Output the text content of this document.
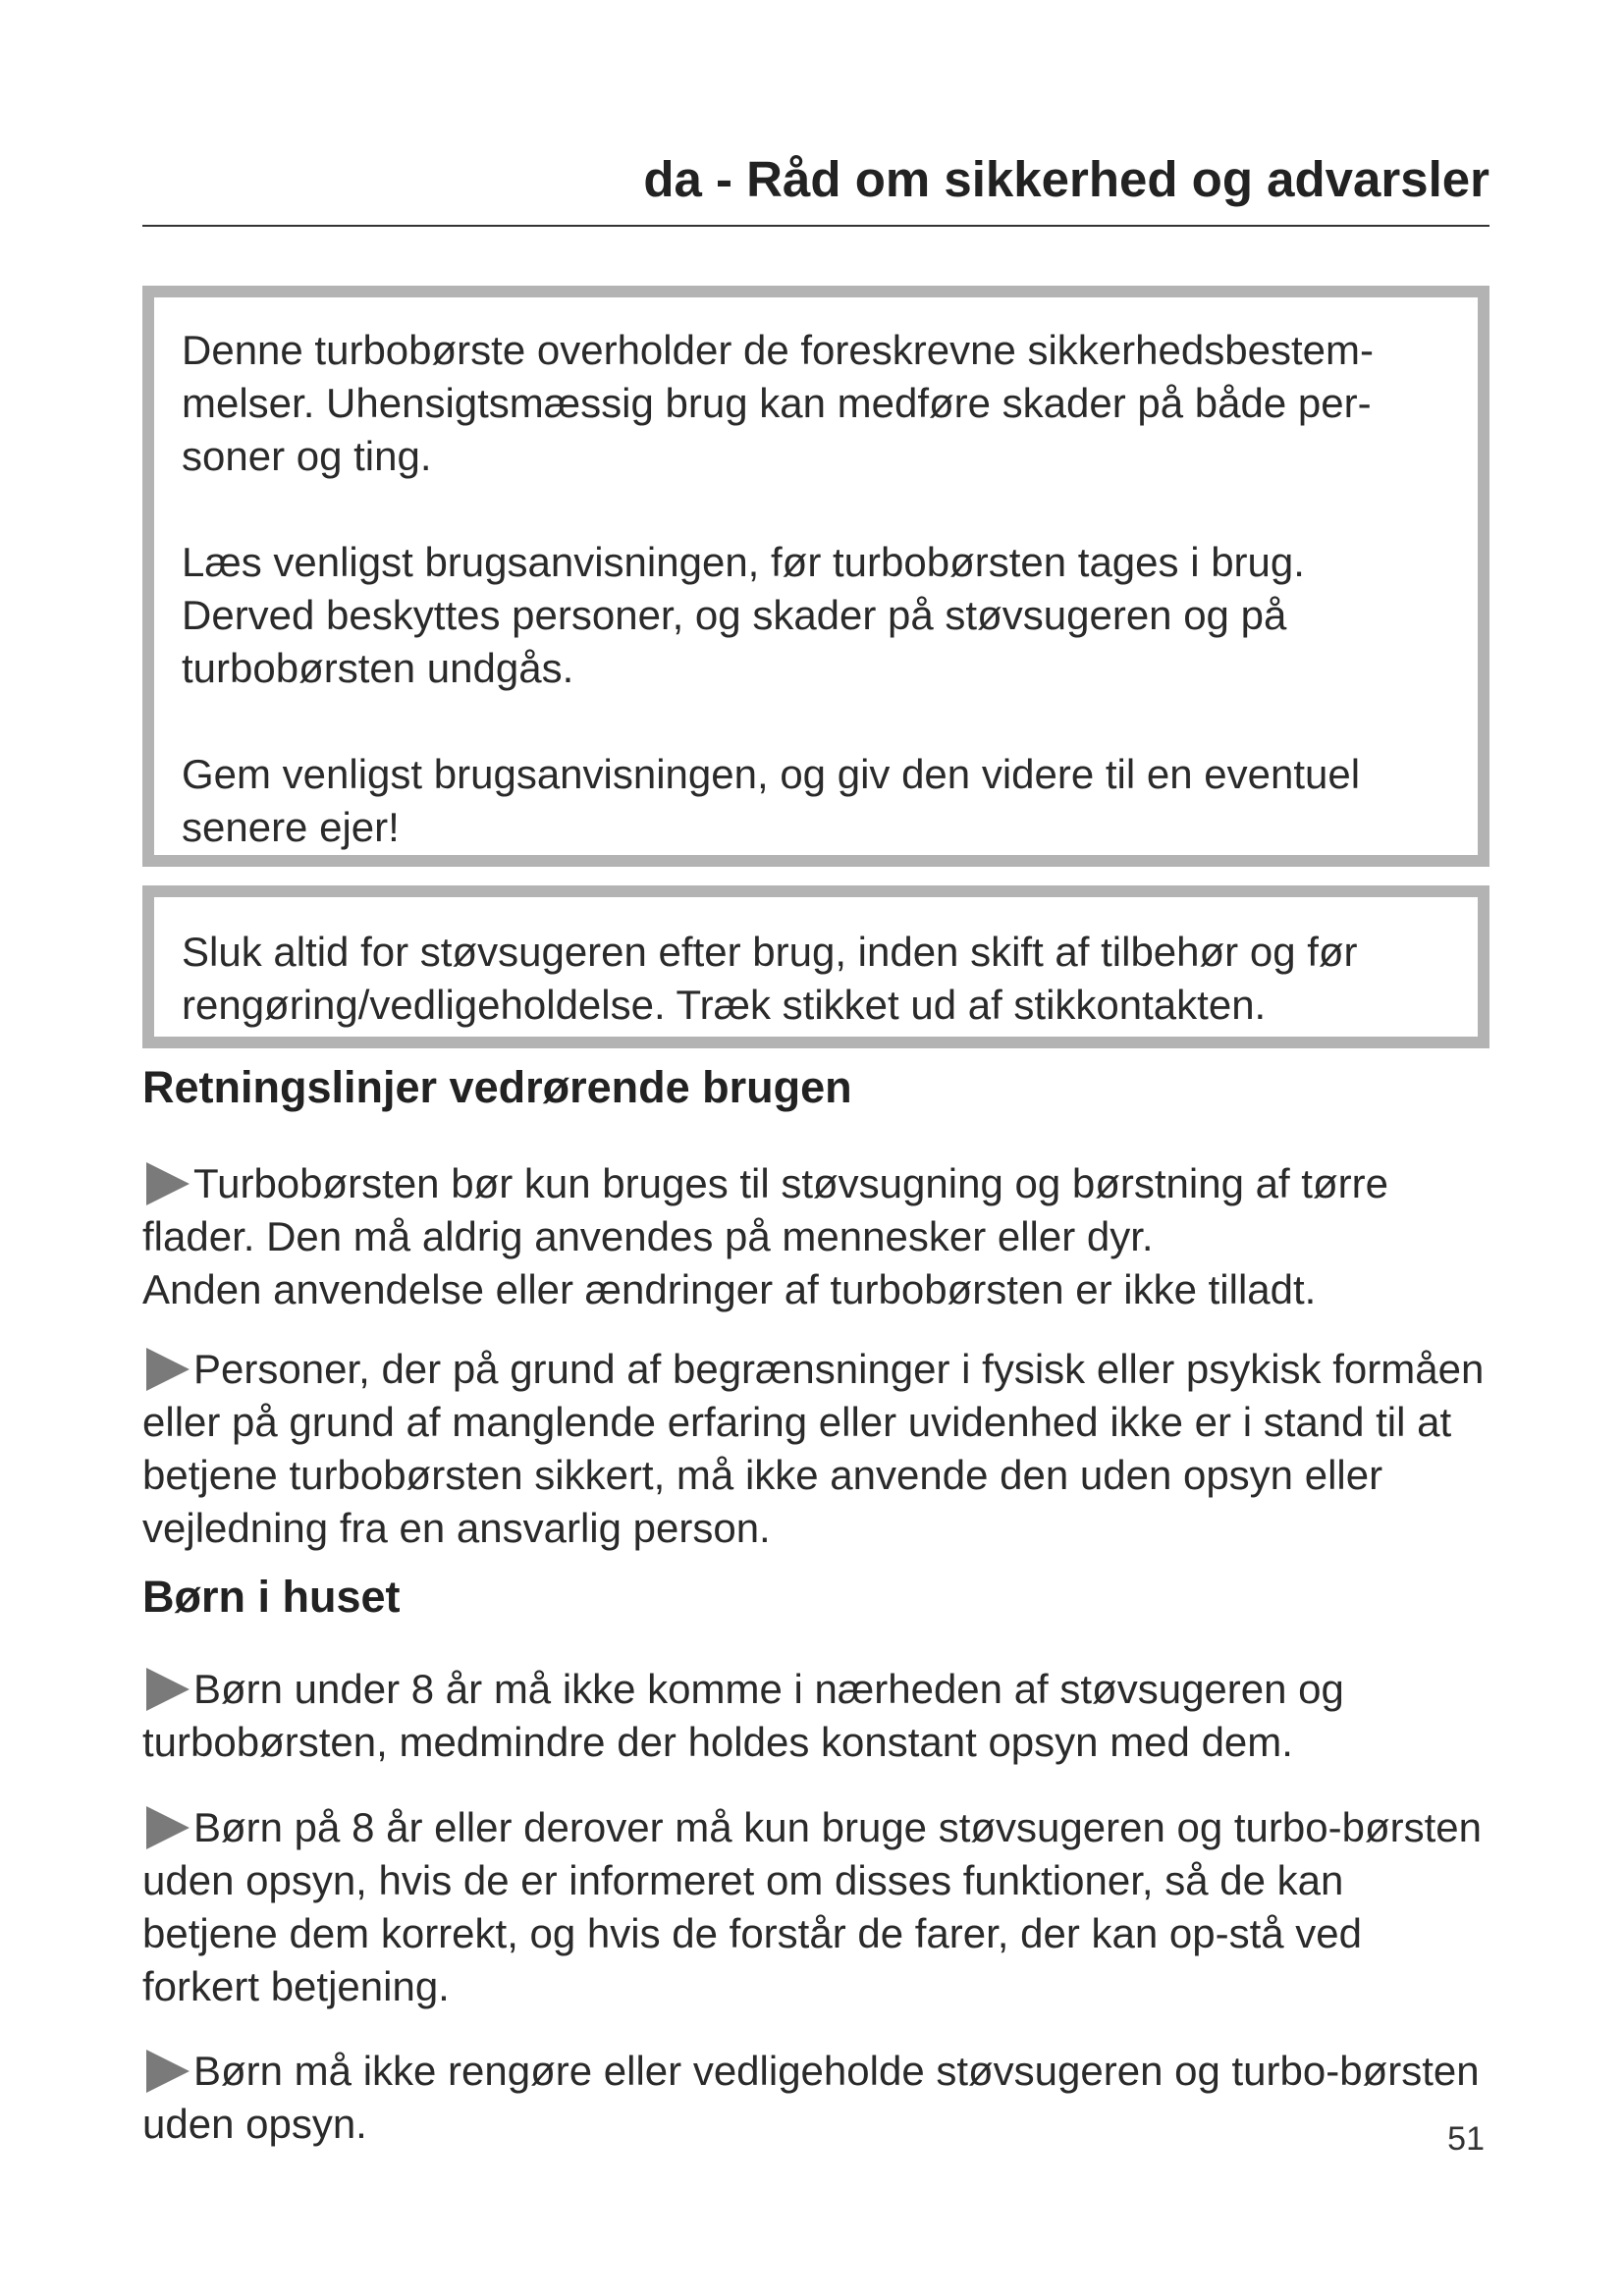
da - Råd om sikkerhed og advarsler

Denne turbobørste overholder de foreskrevne sikkerhedsbestem-melser. Uhensigtsmæssig brug kan medføre skader på både per-soner og ting.

Læs venligst brugsanvisningen, før turbobørsten tages i brug. Derved beskyttes personer, og skader på støvsugeren og på turbobørsten undgås.

Gem venligst brugsanvisningen, og giv den videre til en eventuel senere ejer!

Sluk altid for støvsugeren efter brug, inden skift af tilbehør og før rengøring/vedligeholdelse. Træk stikket ud af stikkontakten.

Retningslinjer vedrørende brugen

Turbobørsten bør kun bruges til støvsugning og børstning af tørre flader. Den må aldrig anvendes på mennesker eller dyr.

Anden anvendelse eller ændringer af turbobørsten er ikke tilladt.

Personer, der på grund af begrænsninger i fysisk eller psykisk formåen eller på grund af manglende erfaring eller uvidenhed ikke er i stand til at betjene turbobørsten sikkert, må ikke anvende den uden opsyn eller vejledning fra en ansvarlig person.

Børn i huset

Børn under 8 år må ikke komme i nærheden af støvsugeren og turbobørsten, medmindre der holdes konstant opsyn med dem.

Børn på 8 år eller derover må kun bruge støvsugeren og turbo-børsten uden opsyn, hvis de er informeret om disses funktioner, så de kan betjene dem korrekt, og hvis de forstår de farer, der kan op-stå ved forkert betjening.

Børn må ikke rengøre eller vedligeholde støvsugeren og turbo-børsten uden opsyn.	51
